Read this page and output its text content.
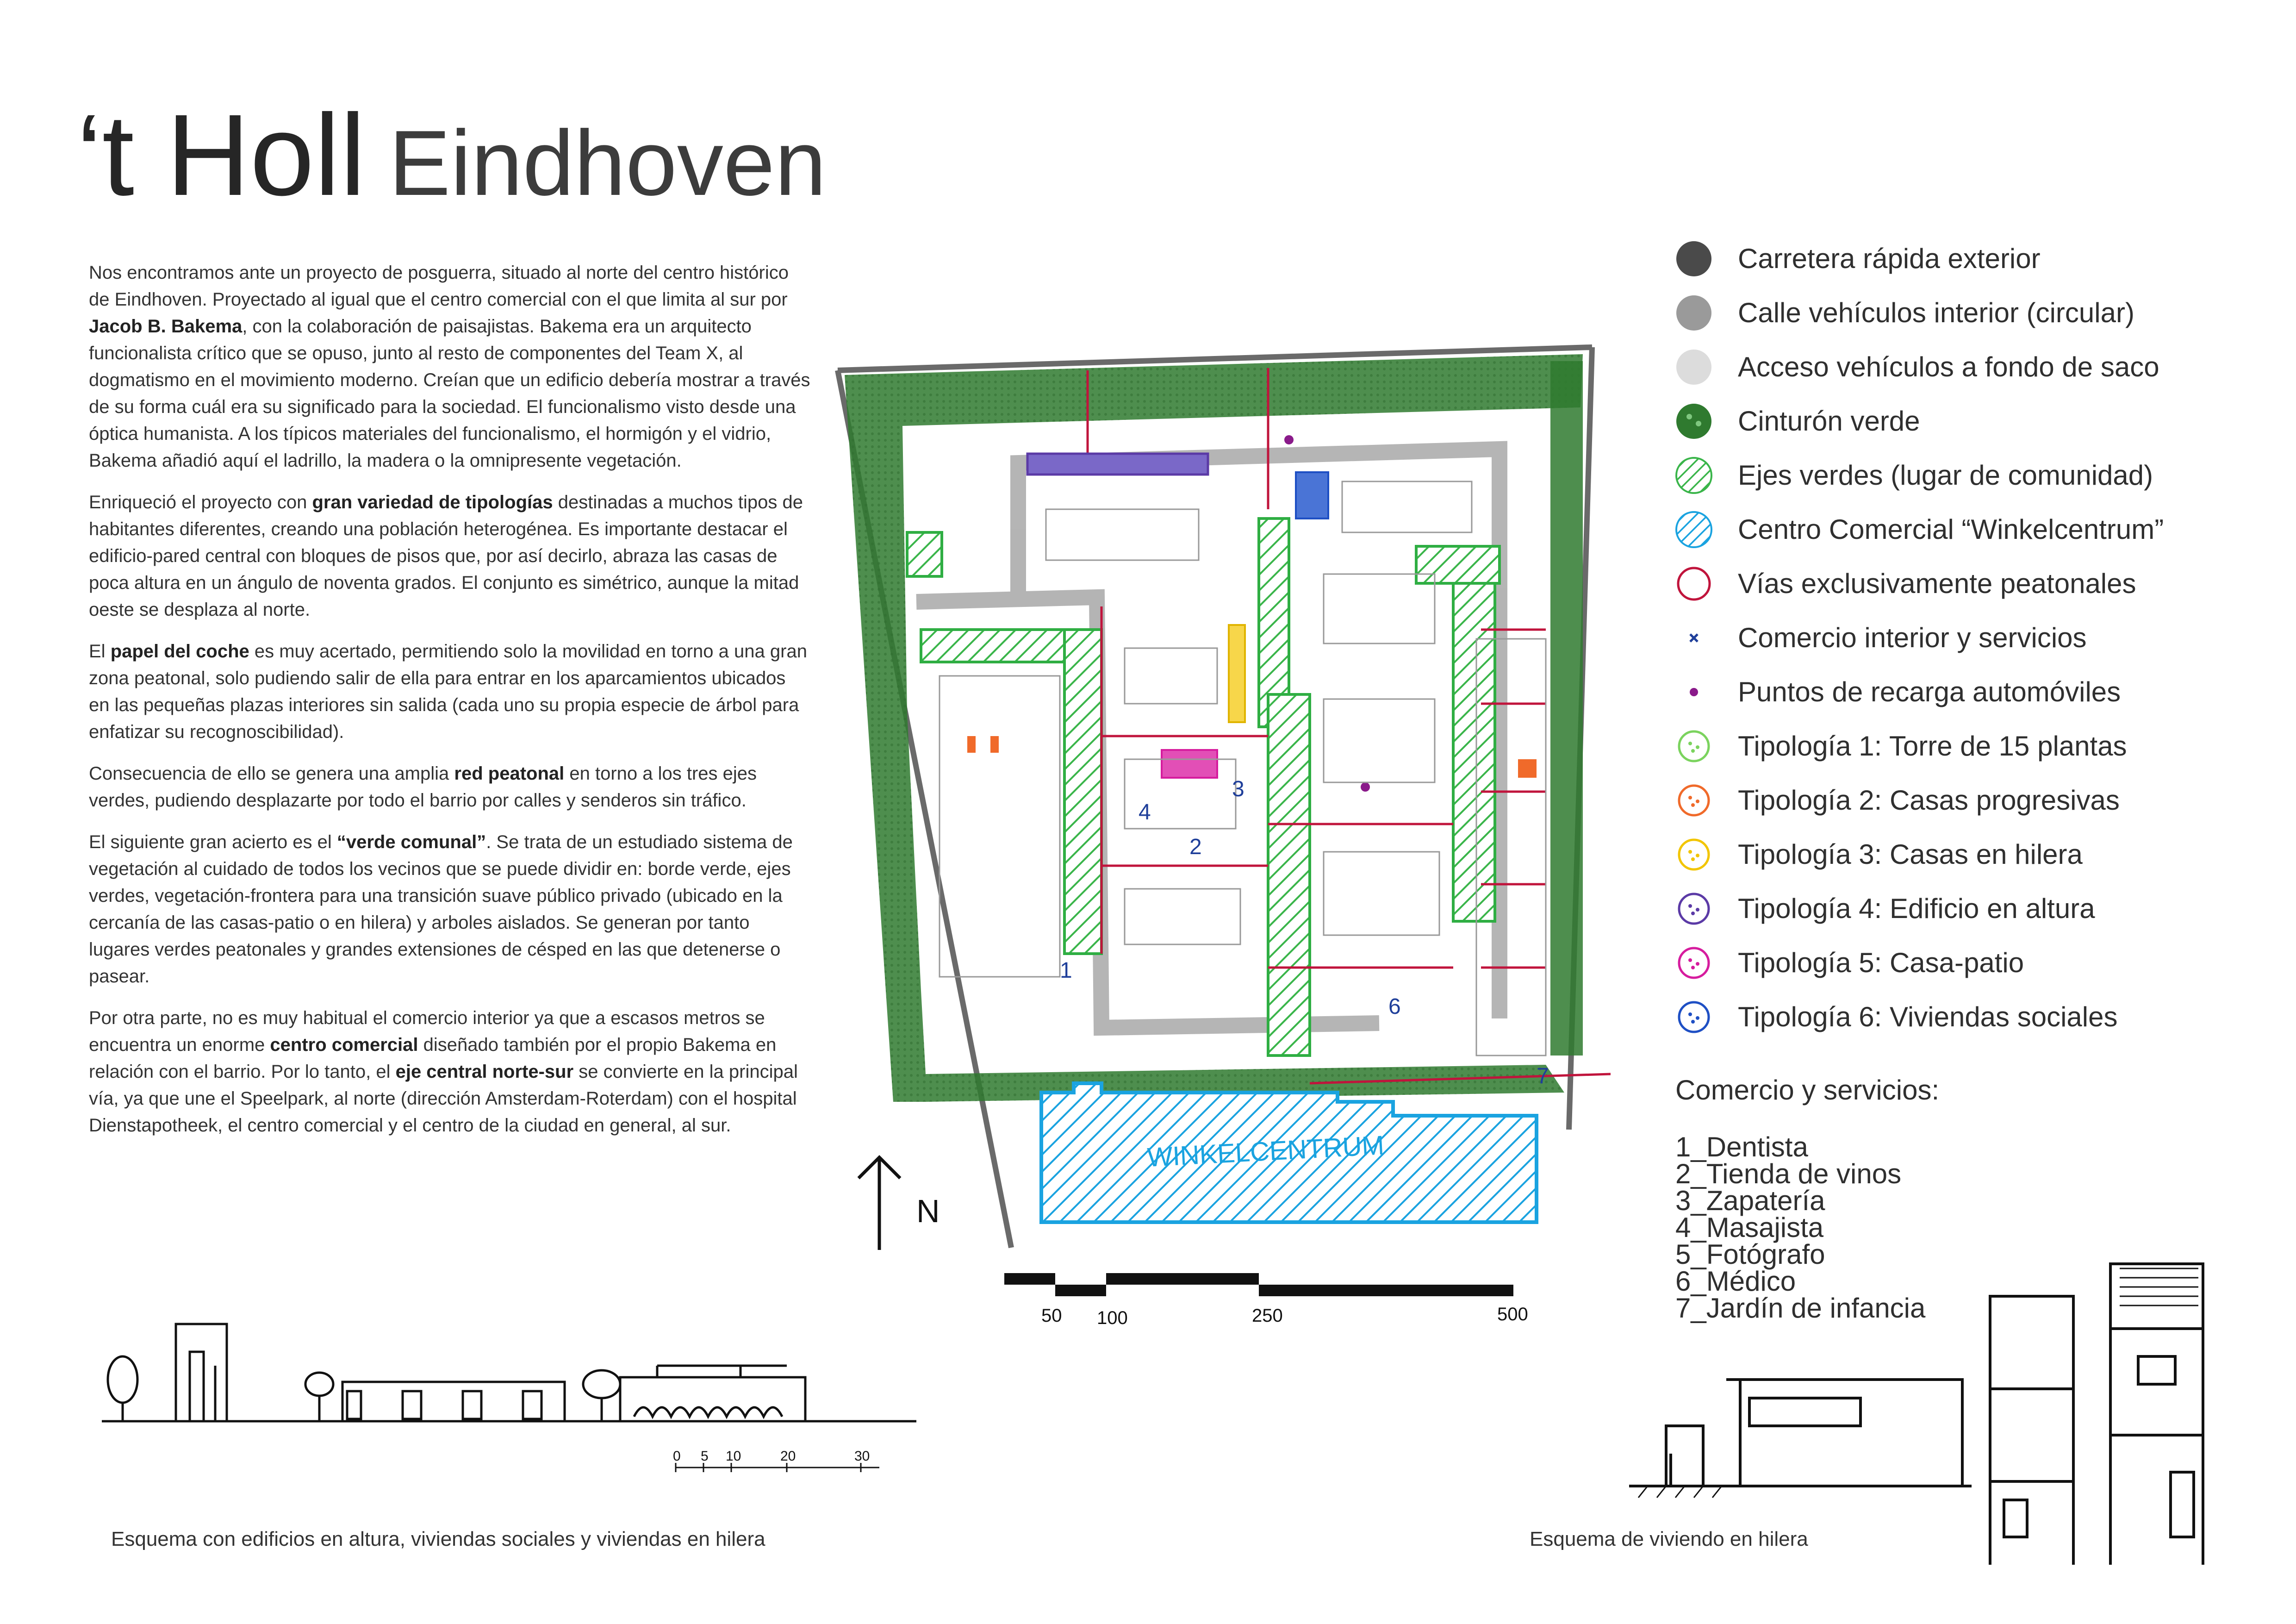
‘t Holl Eindhoven

Nos encontramos ante un proyecto de posguerra, situado al norte del centro histórico de Eindhoven. Proyectado al igual que el centro comercial con el que limita al sur por Jacob B. Bakema, con la colaboración de paisajistas. Bakema era un arquitecto funcionalista crítico que se opuso, junto al resto de componentes del Team X, al dogmatismo en el movimiento moderno. Creían que un edificio debería mostrar a través de su forma cuál era su significado para la sociedad. El funcionalismo visto desde una óptica humanista. A los típicos materiales del funcionalismo, el hormigón y el vidrio, Bakema añadió aquí el ladrillo, la madera o la omnipresente vegetación.

Enriqueció el proyecto con gran variedad de tipologías destinadas a muchos tipos de habitantes diferentes, creando una población heterogénea. Es importante destacar el edificio-pared central con bloques de pisos que, por así decirlo, abraza las casas de poca altura en un ángulo de noventa grados. El conjunto es simétrico, aunque la mitad oeste se desplaza al norte.

El papel del coche es muy acertado, permitiendo solo la movilidad en torno a una gran zona peatonal, solo pudiendo salir de ella para entrar en los aparcamientos ubicados en las pequeñas plazas interiores sin salida (cada uno su propia especie de árbol para enfatizar su recognoscibilidad).

Consecuencia de ello se genera una amplia red peatonal en torno a los tres ejes verdes, pudiendo desplazarte por todo el barrio por calles y senderos sin tráfico.

El siguiente gran acierto es el “verde comunal”. Se trata de un estudiado sistema de vegetación al cuidado de todos los vecinos que se puede dividir en: borde verde, ejes verdes, vegetación-frontera para una transición suave público privado (ubicado en la cercanía de las casas-patio o en hilera) y arboles aislados. Se generan por tanto lugares verdes peatonales y grandes extensiones de césped en las que detenerse o pasear.

Por otra parte, no es muy habitual el comercio interior ya que a escasos metros se encuentra un enorme centro comercial diseñado también por el propio Bakema en relación con el barrio. Por lo tanto, el eje central norte-sur se convierte en la principal vía, ya que une el Speelpark, al norte (dirección Amsterdam-Roterdam) con el hospital Dienstapotheek, el centro comercial y el centro de la ciudad en general, al sur.

1
2
3
4
6
7
WINKELCENTRUM
N
50 100	250	500
Carretera rápida exterior
Calle vehículos interior (circular)
Acceso vehículos a fondo de saco
Cinturón verde
Ejes verdes (lugar de comunidad)
Centro Comercial “Winkelcentrum”
Vías exclusivamente peatonales
Comercio interior y servicios
Puntos de recarga automóviles
Tipología 1: Torre de 15 plantas
Tipología 2: Casas progresivas
Tipología 3: Casas en hilera
Tipología 4: Edificio en altura
Tipología 5: Casa-patio
Tipología 6: Viviendas sociales
Comercio y servicios:
1_Dentista
2_Tienda de vinos
3_Zapatería
4_Masajista
5_Fotógrafo
6_Médico
7_Jardín de infancia
0 5 10	20	30
Esquema con edificios en altura, viviendas sociales y viviendas en hilera	Esquema de viviendo en hilera
